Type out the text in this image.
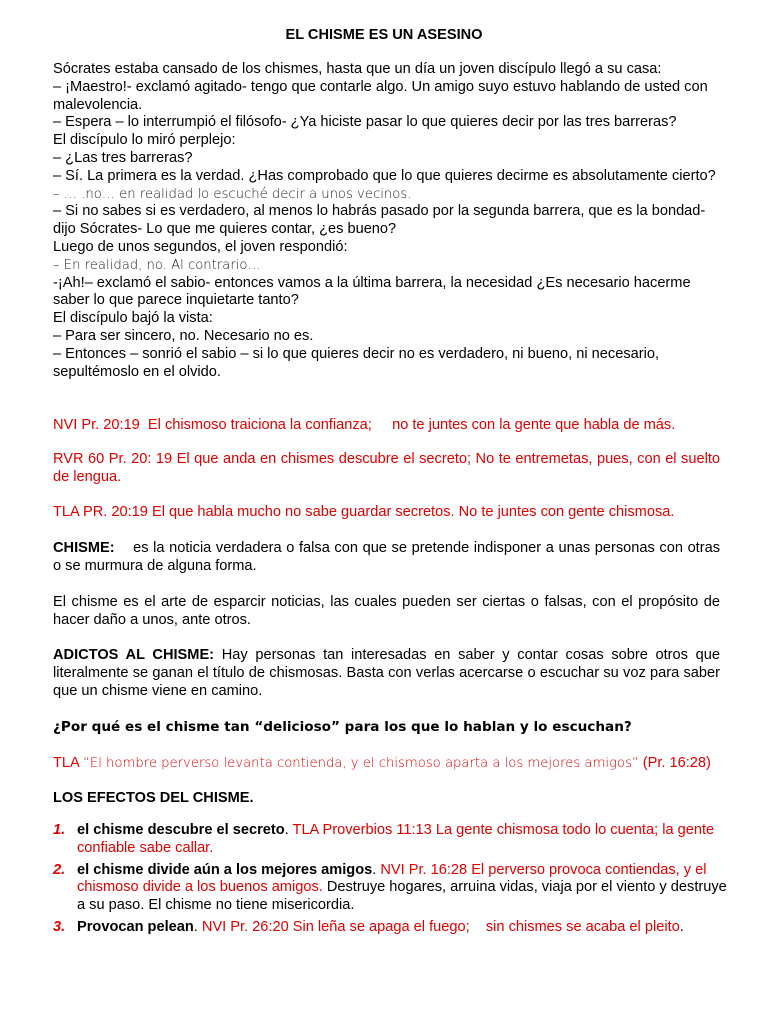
EL CHISME ES UN ASESINO

Sócrates estaba cansado de los chismes, hasta que un día un joven discípulo llegó a su casa:

– ¡Maestro!- exclamó agitado- tengo que contarle algo. Un amigo suyo estuvo hablando de usted con malevolencia.

– Espera – lo interrumpió el filósofo- ¿Ya hiciste pasar lo que quieres decir por las tres barreras?

El discípulo lo miró perplejo:

– ¿Las tres barreras?

– Sí. La primera es la verdad. ¿Has comprobado que lo que quieres decirme es absolutamente cierto?

– … .no… en realidad lo escuché decir a unos vecinos.

– Si no sabes si es verdadero, al menos lo habrás pasado por la segunda barrera, que es la bondad- dijo Sócrates- Lo que me quieres contar, ¿es bueno?

Luego de unos segundos, el joven respondió:

– En realidad, no. Al contrario…

-¡Ah!– exclamó el sabio- entonces vamos a la última barrera, la necesidad ¿Es necesario hacerme saber lo que parece inquietarte tanto?

El discípulo bajó la vista:

– Para ser sincero, no. Necesario no es.

– Entonces – sonrió el sabio – si lo que quieres decir no es verdadero, ni bueno, ni necesario, sepultémoslo en el olvido.

NVI Pr. 20:19 El chismoso traiciona la confianza; no te juntes con la gente que habla de más.

RVR 60 Pr. 20: 19 El que anda en chismes descubre el secreto; No te entremetas, pues, con el suelto de lengua.

TLA PR. 20:19 El que habla mucho no sabe guardar secretos. No te juntes con gente chismosa.

CHISME: es la noticia verdadera o falsa con que se pretende indisponer a unas personas con otras o se murmura de alguna forma.

El chisme es el arte de esparcir noticias, las cuales pueden ser ciertas o falsas, con el propósito de hacer daño a unos, ante otros.

ADICTOS AL CHISME: Hay personas tan interesadas en saber y contar cosas sobre otros que literalmente se ganan el título de chismosas. Basta con verlas acercarse o escuchar su voz para saber que un chisme viene en camino.

¿Por qué es el chisme tan “delicioso” para los que lo hablan y lo escuchan?

TLA “El hombre perverso levanta contienda, y el chismoso aparta a los mejores amigos” (Pr. 16:28)

LOS EFECTOS DEL CHISME.

1. el chisme descubre el secreto. TLA Proverbios 11:13 La gente chismosa todo lo cuenta; la gente confiable sabe callar.
2. el chisme divide aún a los mejores amigos. NVI Pr. 16:28 El perverso provoca contiendas, y el chismoso divide a los buenos amigos. Destruye hogares, arruina vidas, viaja por el viento y destruye a su paso. El chisme no tiene misericordia.
3. Provocan pelean. NVI Pr. 26:20 Sin leña se apaga el fuego;    sin chismes se acaba el pleito.
